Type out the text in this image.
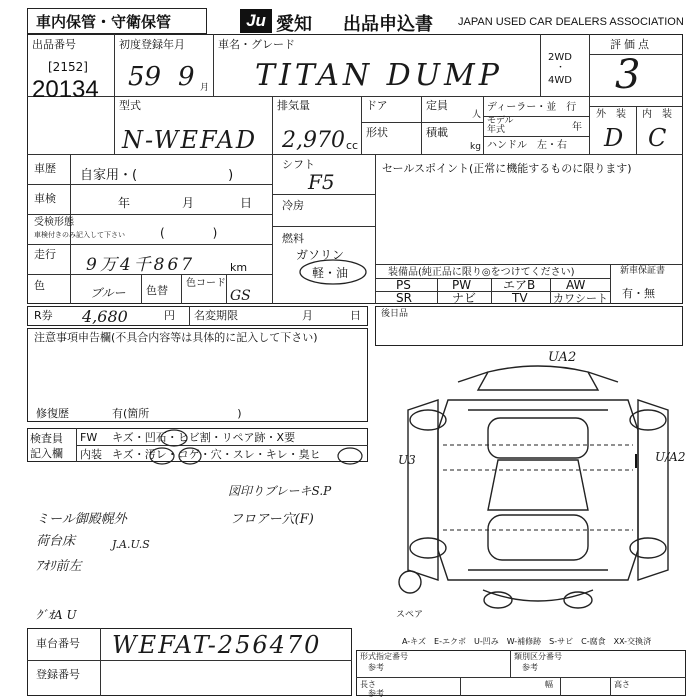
車内保管・守衛保管	Ju 愛知 出品申込書 JAPAN USED CAR DEALERS ASSOCIATION
出品番号
[2152]
20134
初度登録年月
59 9 月
車名・グレード
TITAN DUMP
2WD
・
4WD
評価点
3
型式
N-WEFAD
排気量
2,970 cc
ドア	定員
人
形状	積載
kg
ディーラー・並　行
モデル
年式	年
ハンドル　左・右
外　装 内　装
D C
車歴 自家用・(　　　　　　　)
車検	年	月	日
受検形態
車検付きのみ記入して下さい	(　　　　)
走行
9万4千867	km
色
ブルー 色替
色コード
GS
シフト
F5
冷房
燃料
ガソリン
軽・油
セールスポイント(正常に機能するものに限ります)
装備品(純正品に限り◎をつけてください)
PS	PW	エアB	AW
SR	ナビ	TV カワシート
新車保証書
有・無
R券 4,680	円 名変期限	月	日 後日品
注意事項申告欄(不具合内容等は具体的に記入して下さい)
修復歴	有(箇所　　　　　　　　)
検査員
記入欄
FW キズ・凹石・ヒビ割・リペア跡・X要
内装 キズ・汚レ・コゲ・穴・スレ・キレ・臭ヒ
ミール御殿幌外
荷台床	J.A.U.S
ｱｵﾘ前左
図印りブレーキS.P
フロアー穴(F)
ｸﾞｵA U
UA2
U3	U/A2
スペア
A-キズ　E-エクボ　U-凹み　W-補修跡　S-サビ　C-腐食　XX-交換済
車台番号 WEFAT-256470
登録番号
形式指定番号
参考
類別区分番号
参考
長さ
参考
幅	高さ
